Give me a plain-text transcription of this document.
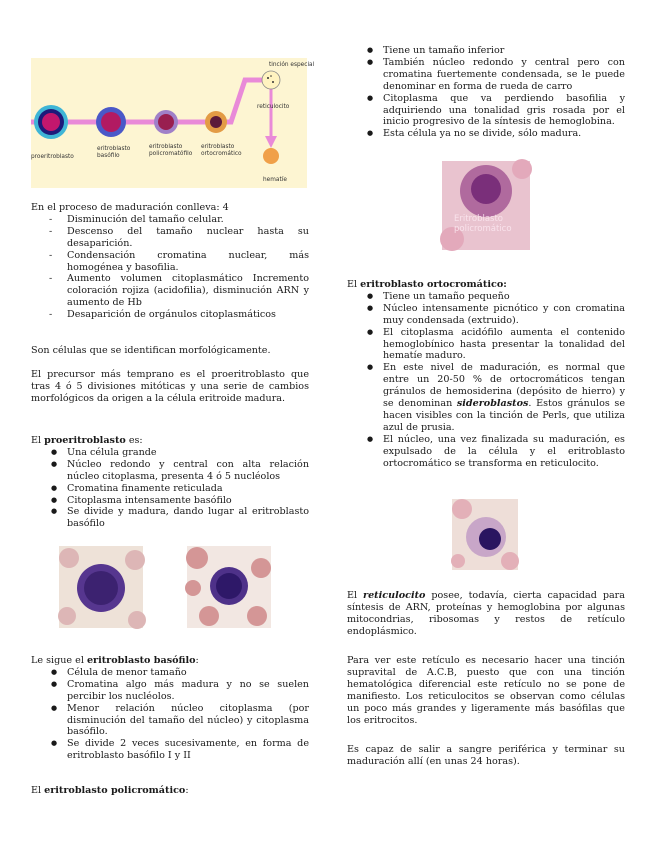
proeritroblasto
eritroblasto basófilo
eritroblasto policromatófilo
eritroblasto ortocromático
reticulocito
hematíe
tinción especial

En el proceso de maduración conlleva: 4

- Disminución del tamaño celular.
- Descenso del tamaño nuclear hasta su desaparición.
- Condensación cromatina nuclear, más homogénea y basofilia.
- Aumento volumen citoplasmático Incremento coloración rojiza (acidofilia), disminución ARN y aumento de Hb
- Desaparición de orgánulos citoplasmáticos

Son células que se identifican morfológicamente.

El precursor más temprano es el proeritroblasto que tras 4 ó 5 divisiones mitóticas y una serie de cambios morfológicos da origen a la célula eritroide madura.

El proeritroblasto es:

● Una célula grande
● Núcleo redondo y central con alta relación núcleo citoplasma, presenta 4 ó 5 nucléolos
● Cromatina finamente reticulada
● Citoplasma intensamente basófilo
● Se divide y madura, dando lugar al eritroblasto basófilo

Le sigue el eritroblasto basófilo:

● Célula de menor tamaño
● Cromatina algo más madura y no se suelen percibir los nucléolos.
● Menor relación núcleo citoplasma (por disminución del tamaño del núcleo) y citoplasma basófilo.
● Se divide 2 veces sucesivamente, en forma de eritroblasto basófilo I y II

El eritroblasto policromático:

● Tiene un tamaño inferior
● También núcleo redondo y central pero con cromatina fuertemente condensada, se le puede denominar en forma de rueda de carro
● Citoplasma que va perdiendo basofilia y adquiriendo una tonalidad gris rosada por el inicio progresivo de la síntesis de hemoglobina.
● Esta célula ya no se divide, sólo madura.
Eritroblasto
policromático

El eritroblasto ortocromático:

● Tiene un tamaño pequeño
● Núcleo intensamente picnótico y con cromatina muy condensada (extruido).
● El citoplasma acidófilo aumenta el contenido hemoglobínico hasta presentar la tonalidad del hematíe maduro.
● En este nivel de maduración, es normal que entre un 20-50 % de ortocromáticos tengan gránulos de hemosiderina (depósito de hierro) y se denominan sideroblastos. Estos gránulos se hacen visibles con la tinción de Perls, que utiliza azul de prusia.
● El núcleo, una vez finalizada su maduración, es expulsado de la célula y el eritroblasto ortocromático se transforma en reticulocito.

El reticulocito posee, todavía, cierta capacidad para síntesis de ARN, proteínas y hemoglobina por algunas mitocondrias, ribosomas y restos de retículo endoplásmico.

Para ver este retículo es necesario hacer una tinción supravital de A.C.B, puesto que con una tinción hematológica diferencial este retículo no se pone de manifiesto. Los reticulocitos se observan como células un poco más grandes y ligeramente más basófilas que los eritrocitos.

Es capaz de salir a sangre periférica y terminar su maduración allí (en unas 24 horas).
